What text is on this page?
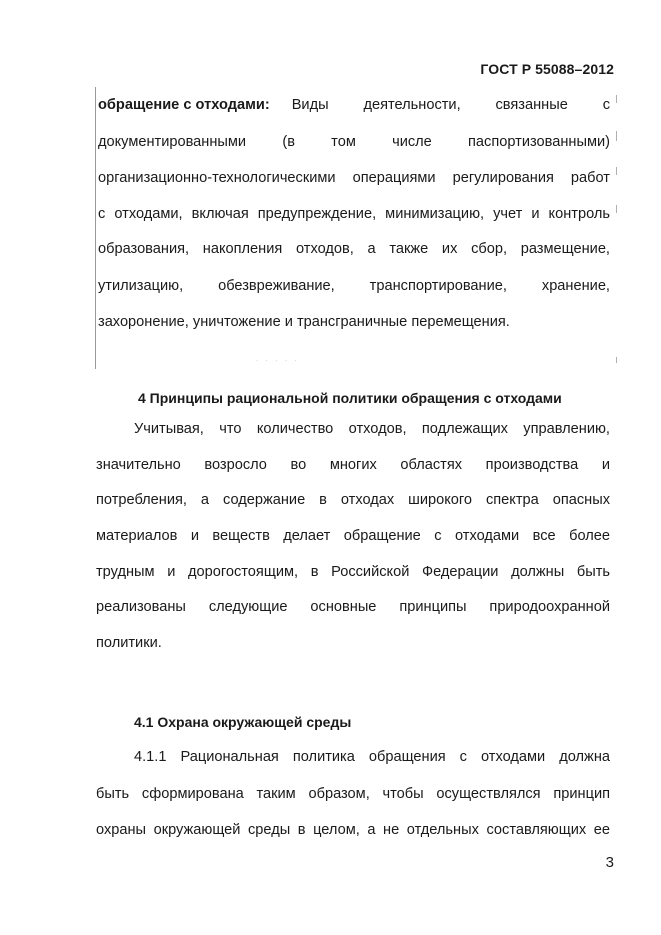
ГОСТ Р 55088–2012
· · · · ·
обращение с отходами: Виды деятельности, связанные с
документированными (в том числе паспортизованными)
организационно-технологическими операциями регулирования работ
с отходами, включая предупреждение, минимизацию, учет и контроль
образования, накопления отходов, а также их сбор, размещение,
утилизацию, обезвреживание, транспортирование, хранение,
захоронение, уничтожение и трансграничные перемещения.
4 Принципы рациональной политики обращения с отходами
Учитывая, что количество отходов, подлежащих управлению,
значительно возросло во многих областях производства и
потребления, а содержание в отходах широкого спектра опасных
материалов и веществ делает обращение с отходами все более
трудным и дорогостоящим, в Российской Федерации должны быть
реализованы следующие основные принципы природоохранной
политики.
4.1 Охрана окружающей среды
4.1.1 Рациональная политика обращения с отходами должна
быть сформирована таким образом, чтобы осуществлялся принцип
охраны окружающей среды в целом, а не отдельных составляющих ее
3
